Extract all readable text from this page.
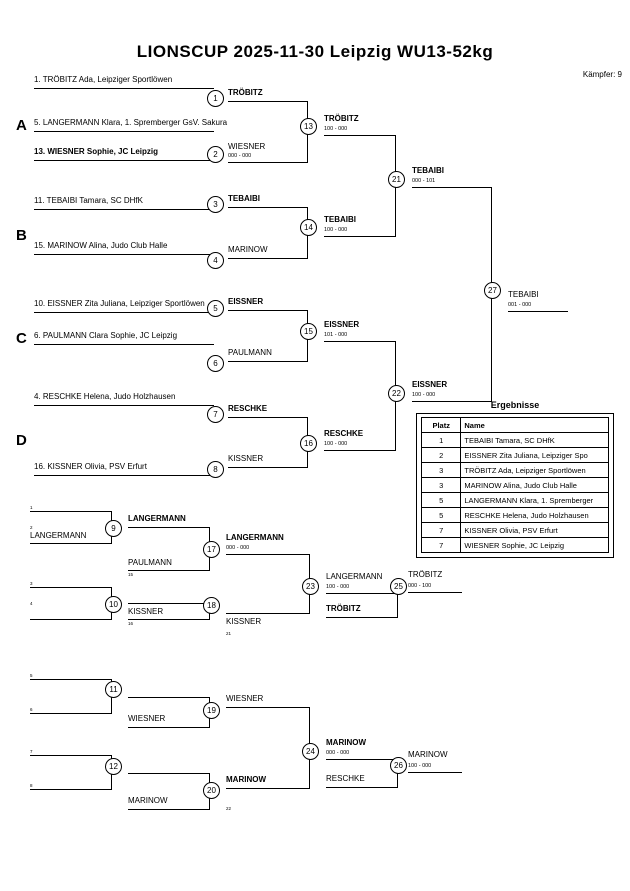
LIONSCUP 2025-11-30 Leipzig WU13-52kg
Kämpfer: 9
A
B
C
D
1. TRÖBITZ Ada, Leipziger Sportlöwen
5. LANGERMANN Klara, 1. Spremberger GsV. Sakura
13. WIESNER Sophie, JC Leipzig
11. TEBAIBI Tamara, SC DHfK
15. MARINOW Alina, Judo Club Halle
10. EISSNER Zita Juliana, Leipziger Sportlöwen
6. PAULMANN Clara Sophie, JC Leipzig
4. RESCHKE Helena, Judo Holzhausen
16. KISSNER Olivia, PSV Erfurt
1
2
3
4
5
6
7
8
TRÖBITZ
WIESNER
000 - 000
TEBAIBI
MARINOW
EISSNER
PAULMANN
RESCHKE
KISSNER
13
14
15
16
TRÖBITZ
100 - 000
TEBAIBI
100 - 000
EISSNER
101 - 000
RESCHKE
100 - 000
21
22
TEBAIBI
000 - 101
EISSNER
100 - 000
27	TEBAIBI
001 - 000
1
LANGERMANN
2	9
LANGERMANN
PAULMANN
15
17
LANGERMANN
000 - 000
3
4	10
KISSNER
16
18
KISSNER
21
23
LANGERMANN
100 - 000
TRÖBITZ
25
TRÖBITZ
000 - 100
5
6
11
WIESNER
19
WIESNER
7
8
12
MARINOW
MARINOW
20
22
24
MARINOW
000 - 000
RESCHKE
26
MARINOW
100 - 000
Ergebnisse
Platz	Name
1	TEBAIBI Tamara, SC DHfK
2	EISSNER Zita Juliana, Leipziger Spo
3	TRÖBITZ Ada, Leipziger Sportlöwen
3	MARINOW Alina, Judo Club Halle
5	LANGERMANN Klara, 1. Spremberger
5	RESCHKE Helena, Judo Holzhausen
7	KISSNER Olivia, PSV Erfurt
7	WIESNER Sophie, JC Leipzig
